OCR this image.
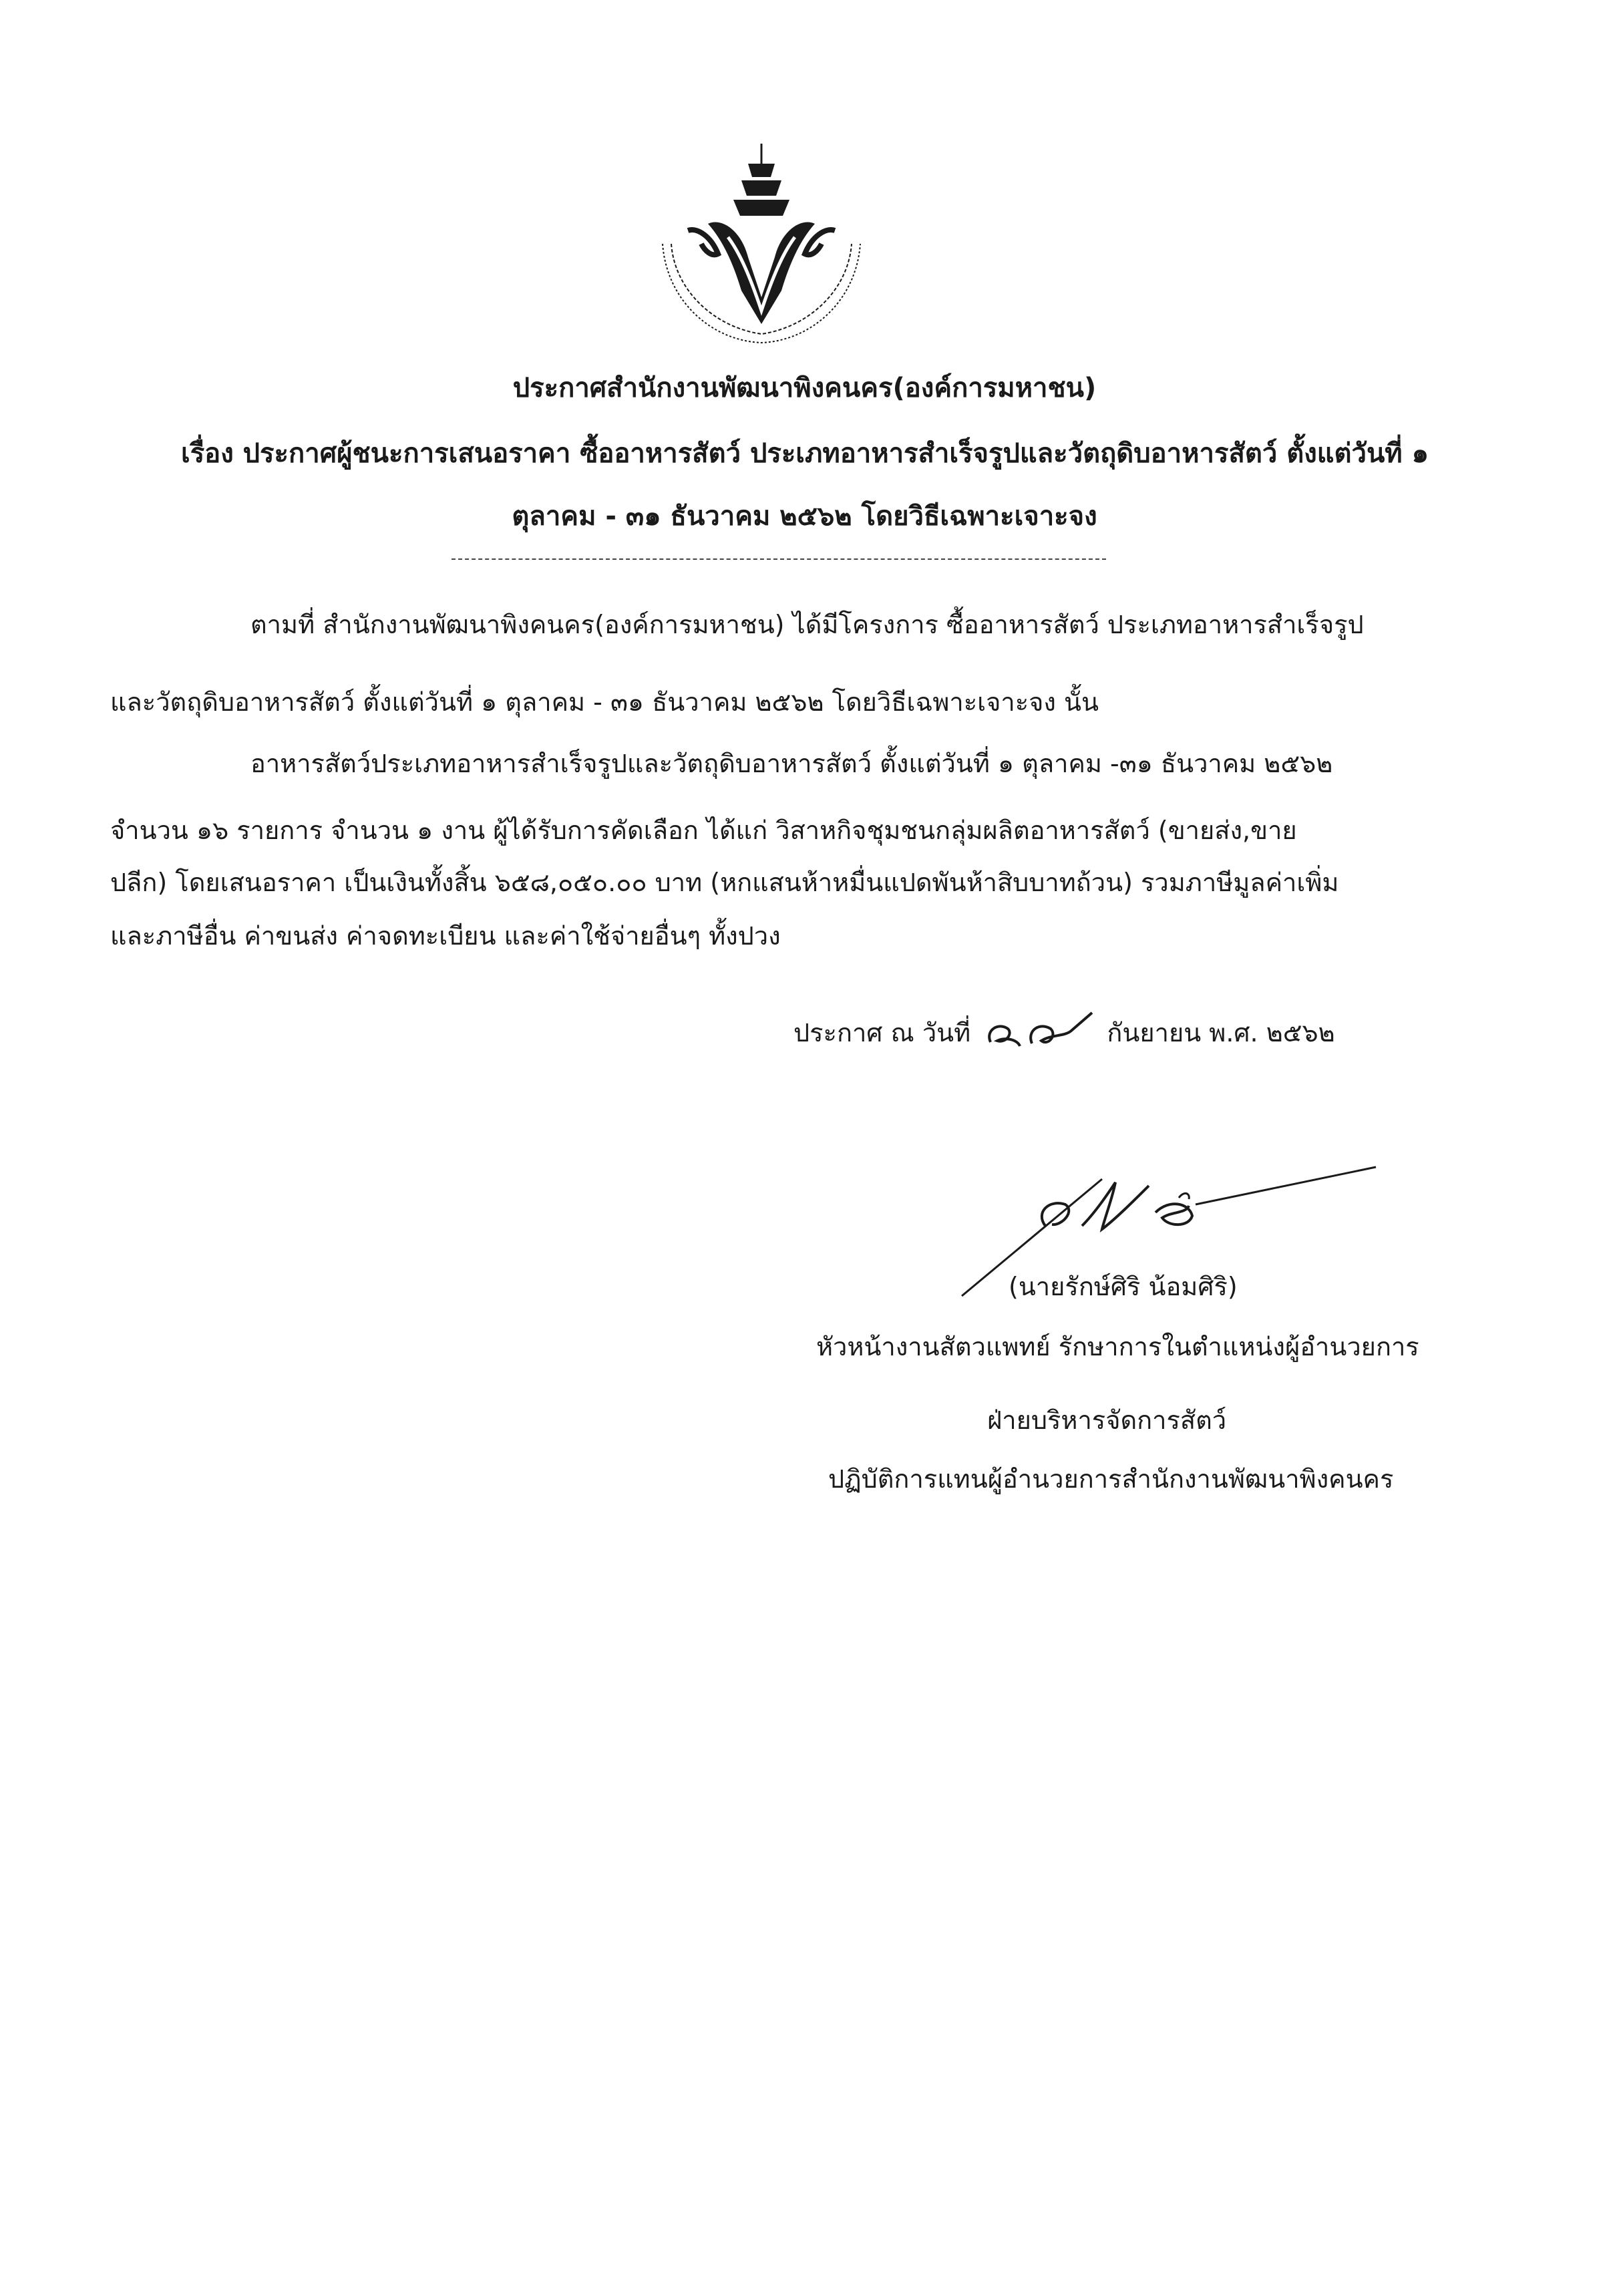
ประกาศสำนักงานพัฒนาพิงคนคร(องค์การมหาชน)
เรื่อง ประกาศผู้ชนะการเสนอราคา ซื้ออาหารสัตว์ ประเภทอาหารสำเร็จรูปและวัตถุดิบอาหารสัตว์ ตั้งแต่วันที่ ๑
ตุลาคม - ๓๑ ธันวาคม ๒๕๖๒ โดยวิธีเฉพาะเจาะจง
ตามที่ สำนักงานพัฒนาพิงคนคร(องค์การมหาชน) ได้มีโครงการ ซื้ออาหารสัตว์ ประเภทอาหารสำเร็จรูป
และวัตถุดิบอาหารสัตว์ ตั้งแต่วันที่ ๑ ตุลาคม - ๓๑ ธันวาคม ๒๕๖๒ โดยวิธีเฉพาะเจาะจง นั้น
อาหารสัตว์ประเภทอาหารสำเร็จรูปและวัตถุดิบอาหารสัตว์ ตั้งแต่วันที่ ๑ ตุลาคม -๓๑ ธันวาคม ๒๕๖๒
จำนวน ๑๖ รายการ จำนวน ๑ งาน ผู้ได้รับการคัดเลือก ได้แก่ วิสาหกิจชุมชนกลุ่มผลิตอาหารสัตว์ (ขายส่ง,ขาย
ปลีก) โดยเสนอราคา เป็นเงินทั้งสิ้น ๖๕๘,๐๕๐.๐๐ บาท (หกแสนห้าหมื่นแปดพันห้าสิบบาทถ้วน) รวมภาษีมูลค่าเพิ่ม
และภาษีอื่น ค่าขนส่ง ค่าจดทะเบียน และค่าใช้จ่ายอื่นๆ ทั้งปวง
ประกาศ ณ วันที่	กันยายน พ.ศ. ๒๕๖๒
(นายรักษ์ศิริ น้อมศิริ)
หัวหน้างานสัตวแพทย์ รักษาการในตำแหน่งผู้อำนวยการ
ฝ่ายบริหารจัดการสัตว์
ปฏิบัติการแทนผู้อำนวยการสำนักงานพัฒนาพิงคนคร
